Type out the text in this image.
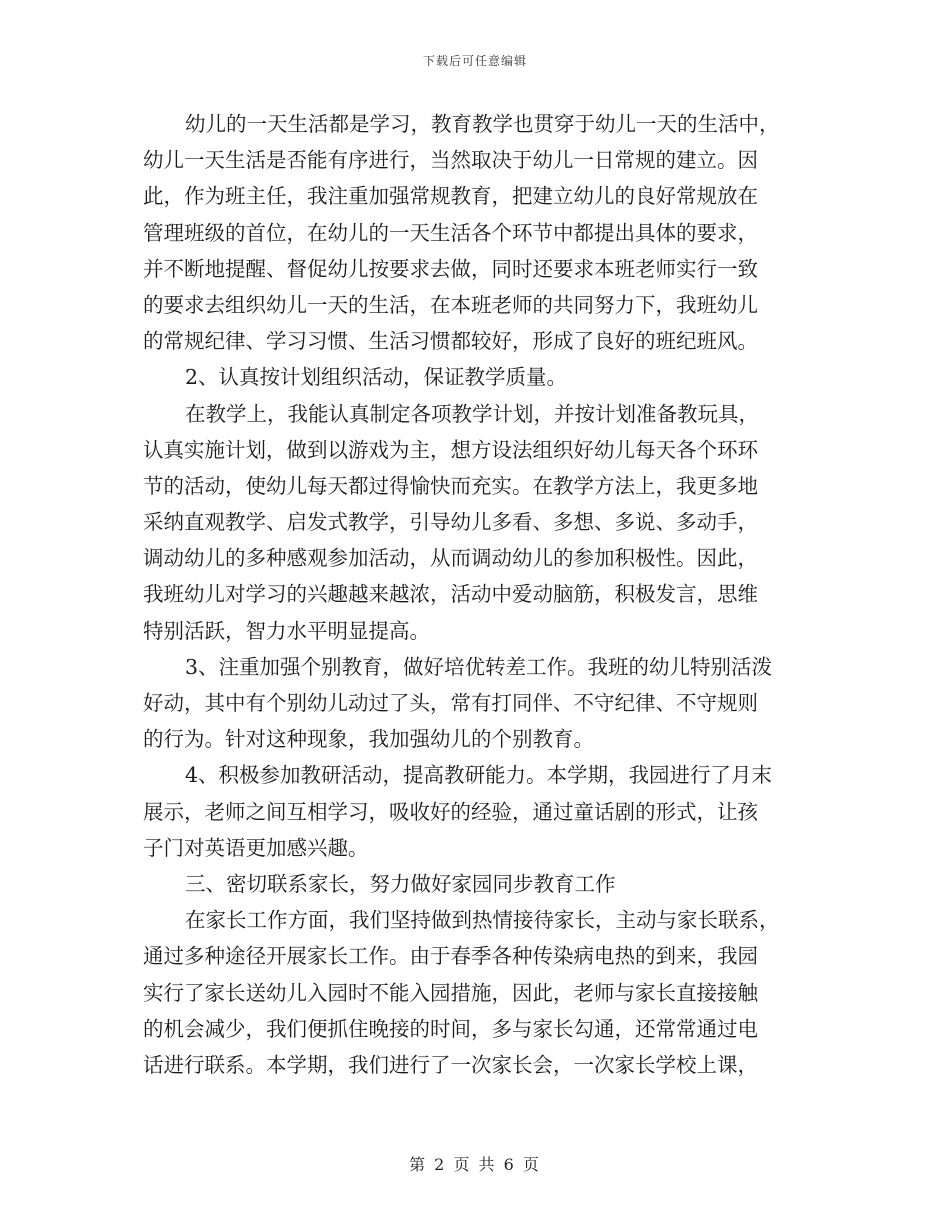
下载后可任意编辑
幼儿的一天生活都是学习，教育教学也贯穿于幼儿一天的生活中，
幼儿一天生活是否能有序进行，当然取决于幼儿一日常规的建立。因
此，作为班主任，我注重加强常规教育，把建立幼儿的良好常规放在
管理班级的首位，在幼儿的一天生活各个环节中都提出具体的要求，
并不断地提醒、督促幼儿按要求去做，同时还要求本班老师实行一致
的要求去组织幼儿一天的生活，在本班老师的共同努力下，我班幼儿
的常规纪律、学习习惯、生活习惯都较好，形成了良好的班纪班风。
2、认真按计划组织活动，保证教学质量。
在教学上，我能认真制定各项教学计划，并按计划准备教玩具，
认真实施计划，做到以游戏为主，想方设法组织好幼儿每天各个环环
节的活动，使幼儿每天都过得愉快而充实。在教学方法上，我更多地
采纳直观教学、启发式教学，引导幼儿多看、多想、多说、多动手，
调动幼儿的多种感观参加活动，从而调动幼儿的参加积极性。因此，
我班幼儿对学习的兴趣越来越浓，活动中爱动脑筋，积极发言，思维
特别活跃，智力水平明显提高。
3、注重加强个别教育，做好培优转差工作。我班的幼儿特别活泼
好动，其中有个别幼儿动过了头，常有打同伴、不守纪律、不守规则
的行为。针对这种现象，我加强幼儿的个别教育。
4、积极参加教研活动，提高教研能力。本学期，我园进行了月末
展示，老师之间互相学习，吸收好的经验，通过童话剧的形式，让孩
子门对英语更加感兴趣。
三、密切联系家长，努力做好家园同步教育工作
在家长工作方面，我们坚持做到热情接待家长，主动与家长联系，
通过多种途径开展家长工作。由于春季各种传染病电热的到来，我园
实行了家长送幼儿入园时不能入园措施，因此，老师与家长直接接触
的机会减少，我们便抓住晚接的时间，多与家长勾通，还常常通过电
话进行联系。本学期，我们进行了一次家长会，一次家长学校上课，
第 2 页 共 6 页
